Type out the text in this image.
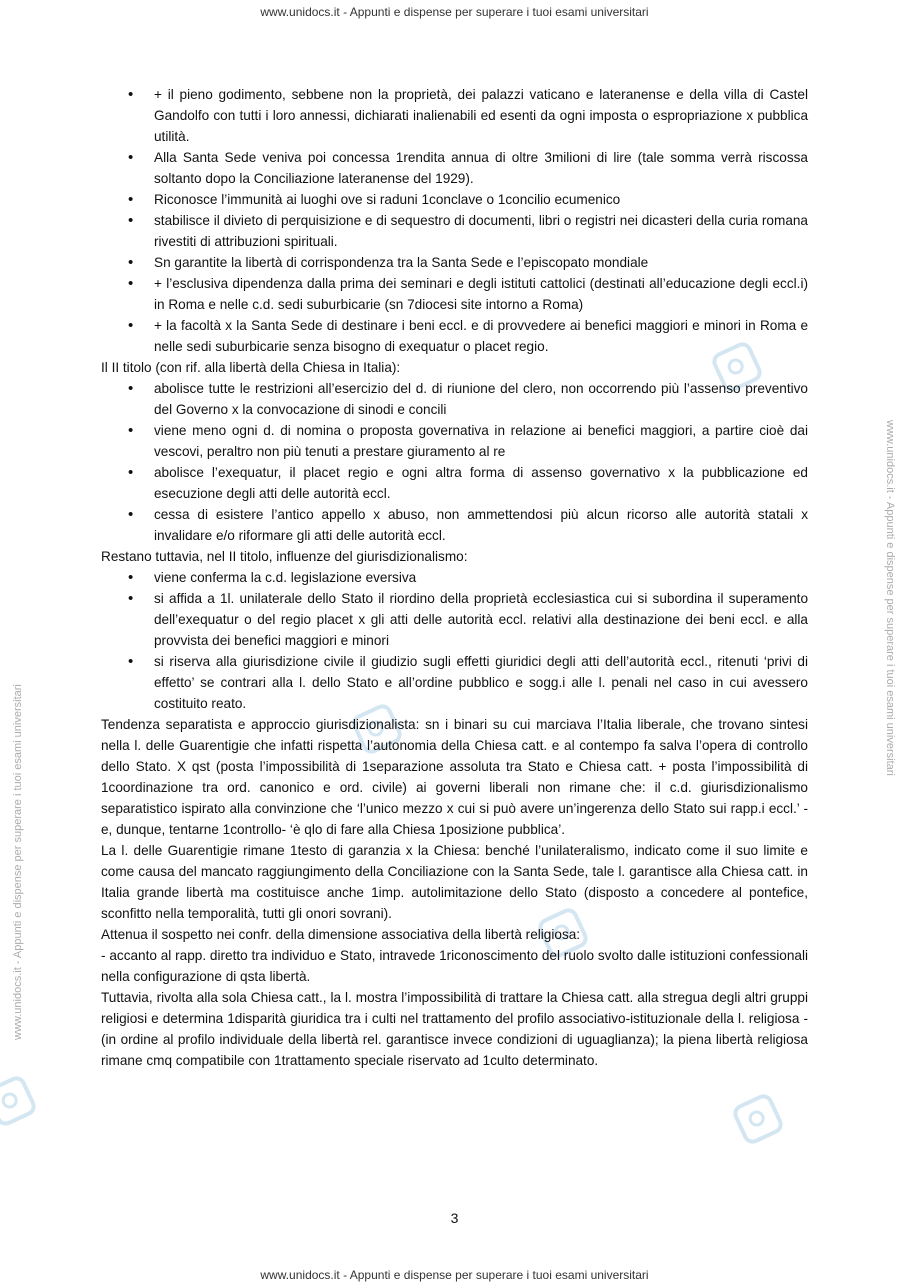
www.unidocs.it - Appunti e dispense per superare i tuoi esami universitari
www.unidocs.it - Appunti e dispense per superare i tuoi esami universitari
www.unidocs.it - Appunti e dispense per superare i tuoi esami universitari
• + il pieno godimento, sebbene non la proprietà, dei palazzi vaticano e lateranense e della villa di Castel Gandolfo con tutti i loro annessi, dichiarati inalienabili ed esenti da ogni imposta o espropriazione x pubblica utilità.
• Alla Santa Sede veniva poi concessa 1rendita annua di oltre 3milioni di lire (tale somma verrà riscossa soltanto dopo la Conciliazione lateranense del 1929).
• Riconosce l’immunità ai luoghi ove si raduni 1conclave o 1concilio ecumenico
• stabilisce il divieto di perquisizione e di sequestro di documenti, libri o registri nei dicasteri della curia romana rivestiti di attribuzioni spirituali.
• Sn garantite la libertà di corrispondenza tra la Santa Sede e l’episcopato mondiale
• + l’esclusiva dipendenza dalla prima dei seminari e degli istituti cattolici (destinati all’educazione degli eccl.i) in Roma e nelle c.d. sedi suburbicarie (sn 7diocesi site intorno a Roma)
• + la facoltà x la Santa Sede di destinare i beni eccl. e di provvedere ai benefici maggiori e minori in Roma e nelle sedi suburbicarie senza bisogno di exequatur o placet regio.

Il II titolo (con rif. alla libertà della Chiesa in Italia):

• abolisce tutte le restrizioni all’esercizio del d. di riunione del clero, non occorrendo più l’assenso preventivo del Governo x la convocazione di sinodi e concili
• viene meno ogni d. di nomina o proposta governativa in relazione ai benefici maggiori, a partire cioè dai vescovi, peraltro non più tenuti a prestare giuramento al re
• abolisce l’exequatur, il placet regio e ogni altra forma di assenso governativo x la pubblicazione ed esecuzione degli atti delle autorità eccl.
• cessa di esistere l’antico appello x abuso, non ammettendosi più alcun ricorso alle autorità statali x invalidare e/o riformare gli atti delle autorità eccl.

Restano tuttavia, nel II titolo, influenze del giurisdizionalismo:

• viene conferma la c.d. legislazione eversiva
• si affida a 1l. unilaterale dello Stato il riordino della proprietà ecclesiastica cui si subordina il superamento dell’exequatur o del regio placet x gli atti delle autorità eccl. relativi alla destinazione dei beni eccl. e alla provvista dei benefici maggiori e minori
• si riserva alla giurisdizione civile il giudizio sugli effetti giuridici degli atti dell’autorità eccl., ritenuti ‘privi di effetto’ se contrari alla l. dello Stato e all’ordine pubblico e sogg.i alle l. penali nel caso in cui avessero costituito reato.

Tendenza separatista e approccio giurisdizionalista: sn i binari su cui marciava l’Italia liberale, che trovano sintesi nella l. delle Guarentigie che infatti rispetta l’autonomia della Chiesa catt. e al contempo fa salva l’opera di controllo dello Stato. X qst (posta l’impossibilità di 1separazione assoluta tra Stato e Chiesa catt. + posta l’impossibilità di 1coordinazione tra ord. canonico e ord. civile) ai governi liberali non rimane che: il c.d. giurisdizionalismo separatistico ispirato alla convinzione che ‘l’unico mezzo x cui si può avere un’ingerenza dello Stato sui rapp.i eccl.’ -e, dunque, tentarne 1controllo- ‘è qlo di fare alla Chiesa 1posizione pubblica’.

La l. delle Guarentigie rimane 1testo di garanzia x la Chiesa: benché l’unilateralismo, indicato come il suo limite e come causa del mancato raggiungimento della Conciliazione con la Santa Sede, tale l. garantisce alla Chiesa catt. in Italia grande libertà ma costituisce anche 1imp. autolimitazione dello Stato (disposto a concedere al pontefice, sconfitto nella temporalità, tutti gli onori sovrani).

Attenua il sospetto nei confr. della dimensione associativa della libertà religiosa:

- accanto al rapp. diretto tra individuo e Stato, intravede 1riconoscimento del ruolo svolto dalle istituzioni confessionali nella configurazione di qsta libertà.

Tuttavia, rivolta alla sola Chiesa catt., la l. mostra l’impossibilità di trattare la Chiesa catt. alla stregua degli altri gruppi religiosi e determina 1disparità giuridica tra i culti nel trattamento del profilo associativo-istituzionale della l. religiosa -(in ordine al profilo individuale della libertà rel. garantisce invece condizioni di uguaglianza); la piena libertà religiosa rimane cmq compatibile con 1trattamento speciale riservato ad 1culto determinato.

3
www.unidocs.it - Appunti e dispense per superare i tuoi esami universitari
